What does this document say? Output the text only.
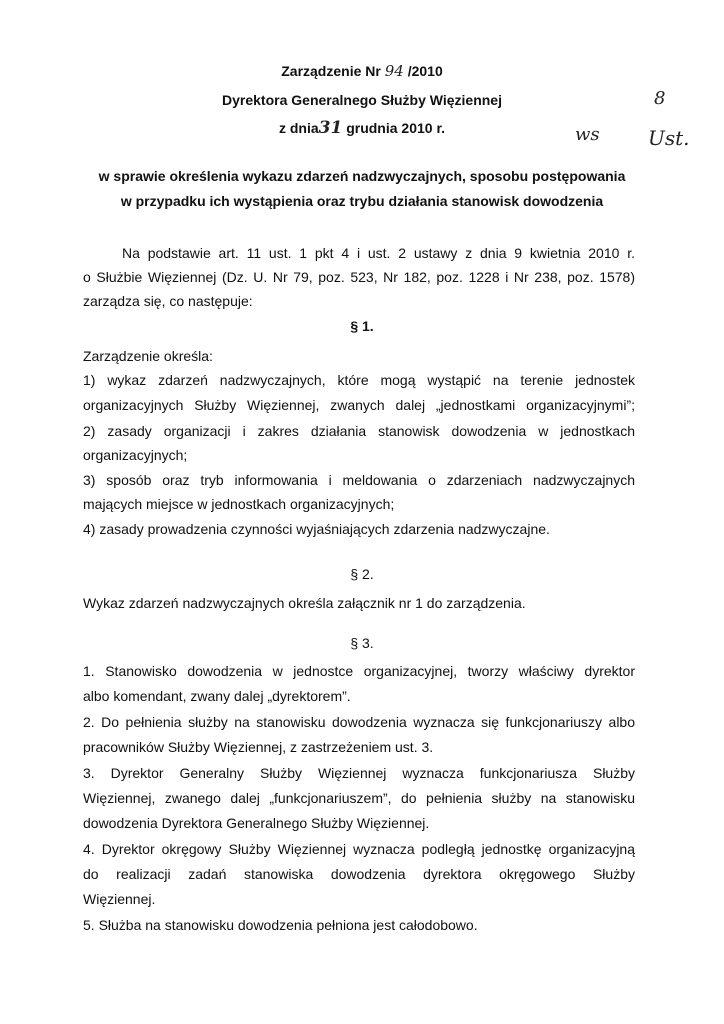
Zarządzenie Nr 94 /2010
Dyrektora Generalnego Służby Więziennej
z dnia31 grudnia 2010 r.
8
ws Ust.
w sprawie określenia wykazu zdarzeń nadzwyczajnych, sposobu postępowania
w przypadku ich wystąpienia oraz trybu działania stanowisk dowodzenia
Na podstawie art. 11 ust. 1 pkt 4 i ust. 2 ustawy z dnia 9 kwietnia 2010 r.
o Służbie Więziennej (Dz. U. Nr 79, poz. 523, Nr 182, poz. 1228 i Nr 238, poz. 1578)
zarządza się, co następuje:
§ 1.
Zarządzenie określa:
1) wykaz zdarzeń nadzwyczajnych, które mogą wystąpić na terenie jednostek
organizacyjnych Służby Więziennej, zwanych dalej „jednostkami organizacyjnymi”;
2) zasady organizacji i zakres działania stanowisk dowodzenia w jednostkach
organizacyjnych;
3) sposób oraz tryb informowania i meldowania o zdarzeniach nadzwyczajnych
mających miejsce w jednostkach organizacyjnych;
4) zasady prowadzenia czynności wyjaśniających zdarzenia nadzwyczajne.
§ 2.
Wykaz zdarzeń nadzwyczajnych określa załącznik nr 1 do zarządzenia.
§ 3.
1. Stanowisko dowodzenia w jednostce organizacyjnej, tworzy właściwy dyrektor
albo komendant, zwany dalej „dyrektorem”.
2. Do pełnienia służby na stanowisku dowodzenia wyznacza się funkcjonariuszy albo
pracowników Służby Więziennej, z zastrzeżeniem ust. 3.
3. Dyrektor Generalny Służby Więziennej wyznacza funkcjonariusza Służby
Więziennej, zwanego dalej „funkcjonariuszem”, do pełnienia służby na stanowisku
dowodzenia Dyrektora Generalnego Służby Więziennej.
4. Dyrektor okręgowy Służby Więziennej wyznacza podległą jednostkę organizacyjną
do realizacji zadań stanowiska dowodzenia dyrektora okręgowego Służby
Więziennej.
5. Służba na stanowisku dowodzenia pełniona jest całodobowo.
